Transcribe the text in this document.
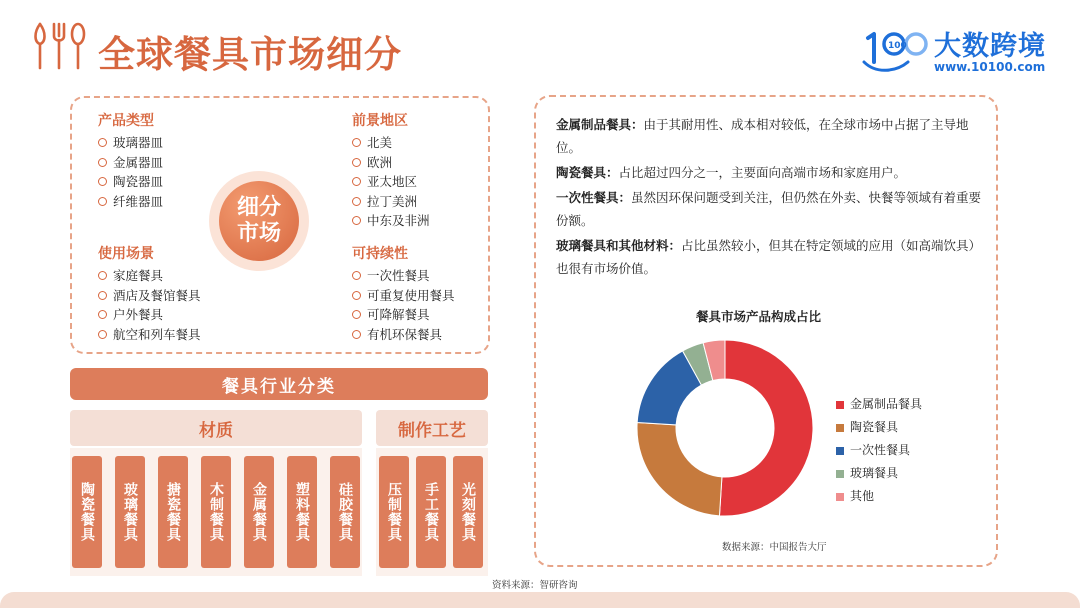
全球餐具市场细分	100 大数跨境
www.10100.com
产品类型
玻璃器皿
金属器皿
陶瓷器皿
纤维器皿
前景地区
北美
欧洲
亚太地区
拉丁美洲
中东及非洲
使用场景
家庭餐具
酒店及餐馆餐具
户外餐具
航空和列车餐具
可持续性
一次性餐具
可重复使用餐具
可降解餐具
有机环保餐具
细分
市场
餐具行业分类
材质	制作工艺
陶瓷餐具 玻璃餐具 搪瓷餐具 木制餐具 金属餐具 塑料餐具 硅胶餐具 压制餐具 手工餐具 光刻餐具
资料来源：智研咨询
金属制品餐具：由于其耐用性、成本相对较低，在全球市场中占据了主导地位。
陶瓷餐具：占比超过四分之一，主要面向高端市场和家庭用户。
一次性餐具：虽然因环保问题受到关注，但仍然在外卖、快餐等领域有着重要份额。
玻璃餐具和其他材料：占比虽然较小，但其在特定领域的应用（如高端饮具）也很有市场价值。
餐具市场产品构成占比
金属制品餐具
陶瓷餐具
一次性餐具
玻璃餐具
其他
数据来源：中国报告大厅
